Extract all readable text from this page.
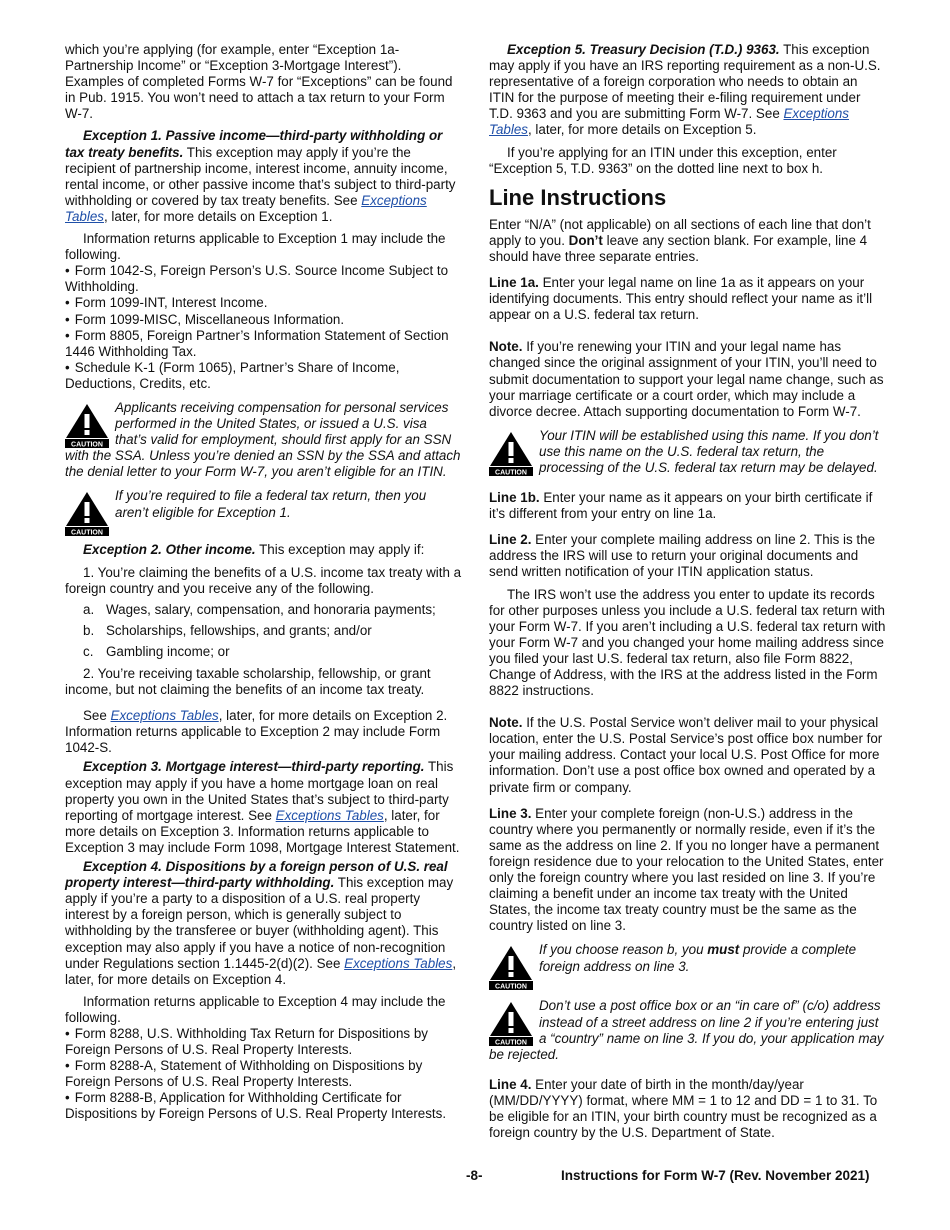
which you’re applying (for example, enter “Exception 1a-Partnership Income” or “Exception 3-Mortgage Interest”). Examples of completed Forms W-7 for “Exceptions” can be found in Pub. 1915. You won’t need to attach a tax return to your Form W-7.

Exception 1. Passive income—third-party withholding or tax treaty benefits. This exception may apply if you’re the recipient of partnership income, interest income, annuity income, rental income, or other passive income that’s subject to third-party withholding or covered by tax treaty benefits. See Exceptions Tables, later, for more details on Exception 1.

Information returns applicable to Exception 1 may include the following.

• Form 1042-S, Foreign Person’s U.S. Source Income Subject to Withholding.

• Form 1099-INT, Interest Income.

• Form 1099-MISC, Miscellaneous Information.

• Form 8805, Foreign Partner’s Information Statement of Section 1446 Withholding Tax.

• Schedule K-1 (Form 1065), Partner’s Share of Income, Deductions, Credits, etc.

CAUTION
Applicants receiving compensation for personal services performed in the United States, or issued a U.S. visa that’s valid for employment, should first apply for an SSN with the SSA. Unless you’re denied an SSN by the SSA and attach the denial letter to your Form W-7, you aren’t eligible for an ITIN.
CAUTION
If you’re required to file a federal tax return, then you aren’t eligible for Exception 1.

Exception 2. Other income. This exception may apply if:

1. You’re claiming the benefits of a U.S. income tax treaty with a foreign country and you receive any of the following.

a. Wages, salary, compensation, and honoraria payments;

b. Scholarships, fellowships, and grants; and/or

c. Gambling income; or

2. You’re receiving taxable scholarship, fellowship, or grant income, but not claiming the benefits of an income tax treaty.

See Exceptions Tables, later, for more details on Exception 2. Information returns applicable to Exception 2 may include Form 1042-S.

Exception 3. Mortgage interest—third-party reporting. This exception may apply if you have a home mortgage loan on real property you own in the United States that’s subject to third-party reporting of mortgage interest. See Exceptions Tables, later, for more details on Exception 3. Information returns applicable to Exception 3 may include Form 1098, Mortgage Interest Statement.

Exception 4. Dispositions by a foreign person of U.S. real property interest—third-party withholding. This exception may apply if you’re a party to a disposition of a U.S. real property interest by a foreign person, which is generally subject to withholding by the transferee or buyer (withholding agent). This exception may also apply if you have a notice of non-recognition under Regulations section 1.1445-2(d)(2). See Exceptions Tables, later, for more details on Exception 4.

Information returns applicable to Exception 4 may include the following.

• Form 8288, U.S. Withholding Tax Return for Dispositions by Foreign Persons of U.S. Real Property Interests.

• Form 8288-A, Statement of Withholding on Dispositions by Foreign Persons of U.S. Real Property Interests.

• Form 8288-B, Application for Withholding Certificate for Dispositions by Foreign Persons of U.S. Real Property Interests.

Exception 5. Treasury Decision (T.D.) 9363. This exception may apply if you have an IRS reporting requirement as a non-U.S. representative of a foreign corporation who needs to obtain an ITIN for the purpose of meeting their e-filing requirement under T.D. 9363 and you are submitting Form W-7. See Exceptions Tables, later, for more details on Exception 5.

If you’re applying for an ITIN under this exception, enter “Exception 5, T.D. 9363” on the dotted line next to box h.

Line Instructions

Enter “N/A” (not applicable) on all sections of each line that don’t apply to you. Don’t leave any section blank. For example, line 4 should have three separate entries.

Line 1a. Enter your legal name on line 1a as it appears on your identifying documents. This entry should reflect your name as it’ll appear on a U.S. federal tax return.

Note. If you’re renewing your ITIN and your legal name has changed since the original assignment of your ITIN, you’ll need to submit documentation to support your legal name change, such as your marriage certificate or a court order, which may include a divorce decree. Attach supporting documentation to Form W-7.

CAUTION
Your ITIN will be established using this name. If you don’t use this name on the U.S. federal tax return, the processing of the U.S. federal tax return may be delayed.

Line 1b. Enter your name as it appears on your birth certificate if it’s different from your entry on line 1a.

Line 2. Enter your complete mailing address on line 2. This is the address the IRS will use to return your original documents and send written notification of your ITIN application status.

The IRS won’t use the address you enter to update its records for other purposes unless you include a U.S. federal tax return with your Form W-7. If you aren’t including a U.S. federal tax return with your Form W-7 and you changed your home mailing address since you filed your last U.S. federal tax return, also file Form 8822, Change of Address, with the IRS at the address listed in the Form 8822 instructions.

Note. If the U.S. Postal Service won’t deliver mail to your physical location, enter the U.S. Postal Service’s post office box number for your mailing address. Contact your local U.S. Post Office for more information. Don’t use a post office box owned and operated by a private firm or company.

Line 3. Enter your complete foreign (non-U.S.) address in the country where you permanently or normally reside, even if it’s the same as the address on line 2. If you no longer have a permanent foreign residence due to your relocation to the United States, enter only the foreign country where you last resided on line 3. If you’re claiming a benefit under an income tax treaty with the United States, the income tax treaty country must be the same as the country listed on line 3.

CAUTION
If you choose reason b, you must provide a complete foreign address on line 3.
CAUTION
Don’t use a post office box or an “in care of” (c/o) address instead of a street address on line 2 if you’re entering just a “country” name on line 3. If you do, your application may be rejected.

Line 4. Enter your date of birth in the month/day/year (MM/DD/YYYY) format, where MM = 1 to 12 and DD = 1 to 31. To be eligible for an ITIN, your birth country must be recognized as a foreign country by the U.S. Department of State.

-8-	Instructions for Form W-7 (Rev. November 2021)
